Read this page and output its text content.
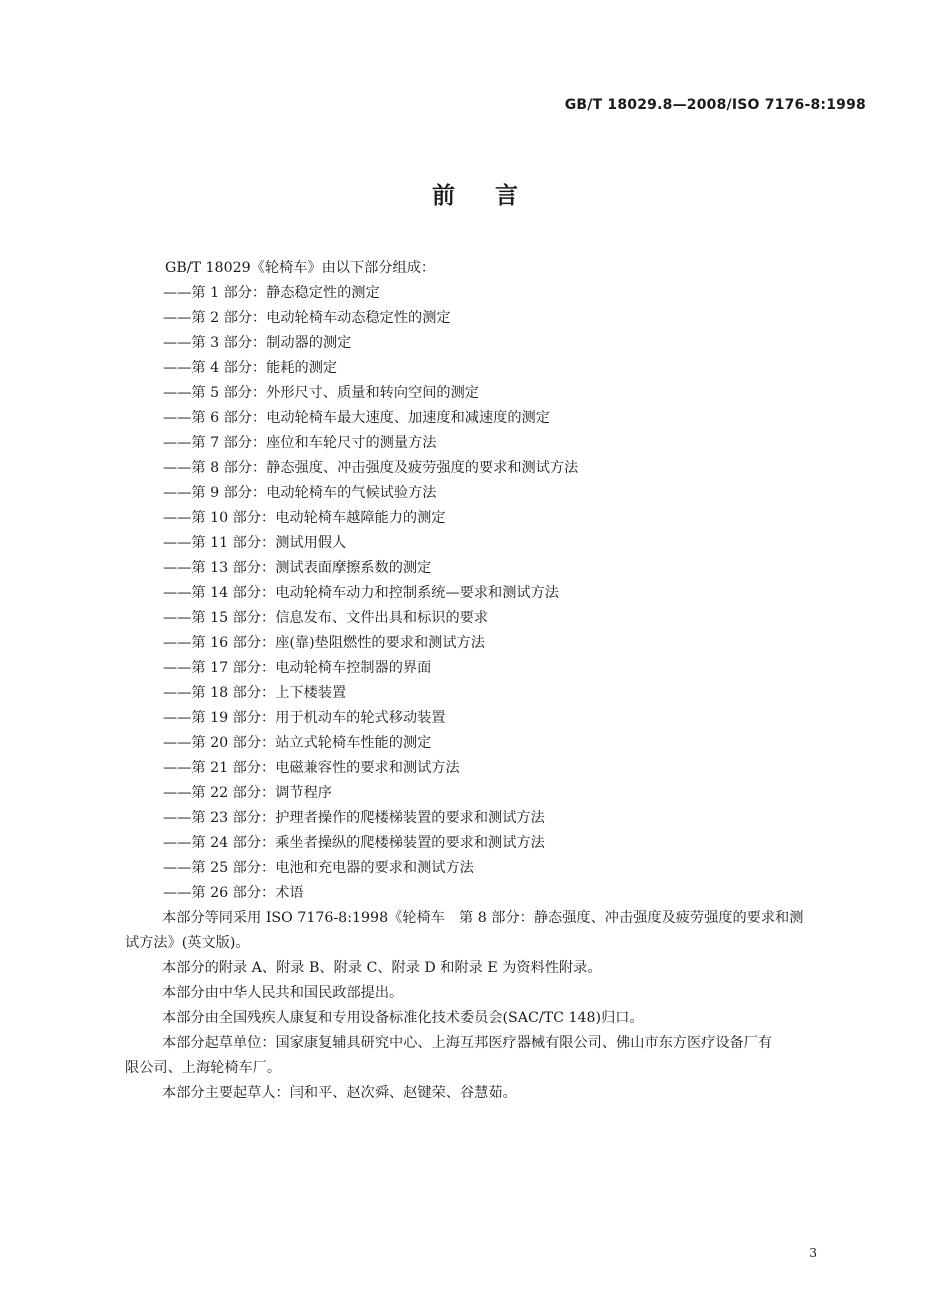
GB/T 18029.8—2008/ISO 7176-8:1998
前言
GB/T 18029《轮椅车》由以下部分组成：
——第 1 部分：静态稳定性的测定
——第 2 部分：电动轮椅车动态稳定性的测定
——第 3 部分：制动器的测定
——第 4 部分：能耗的测定
——第 5 部分：外形尺寸、质量和转向空间的测定
——第 6 部分：电动轮椅车最大速度、加速度和减速度的测定
——第 7 部分：座位和车轮尺寸的测量方法
——第 8 部分：静态强度、冲击强度及疲劳强度的要求和测试方法
——第 9 部分：电动轮椅车的气候试验方法
——第 10 部分：电动轮椅车越障能力的测定
——第 11 部分：测试用假人
——第 13 部分：测试表面摩擦系数的测定
——第 14 部分：电动轮椅车动力和控制系统—要求和测试方法
——第 15 部分：信息发布、文件出具和标识的要求
——第 16 部分：座(靠)垫阻燃性的要求和测试方法
——第 17 部分：电动轮椅车控制器的界面
——第 18 部分：上下楼装置
——第 19 部分：用于机动车的轮式移动装置
——第 20 部分：站立式轮椅车性能的测定
——第 21 部分：电磁兼容性的要求和测试方法
——第 22 部分：调节程序
——第 23 部分：护理者操作的爬楼梯装置的要求和测试方法
——第 24 部分：乘坐者操纵的爬楼梯装置的要求和测试方法
——第 25 部分：电池和充电器的要求和测试方法
——第 26 部分：术语
本部分等同采用 ISO 7176-8:1998《轮椅车　第 8 部分：静态强度、冲击强度及疲劳强度的要求和测
试方法》(英文版)。
本部分的附录 A、附录 B、附录 C、附录 D 和附录 E 为资料性附录。
本部分由中华人民共和国民政部提出。
本部分由全国残疾人康复和专用设备标准化技术委员会(SAC/TC 148)归口。
本部分起草单位：国家康复辅具研究中心、上海互邦医疗器械有限公司、佛山市东方医疗设备厂有
限公司、上海轮椅车厂。
本部分主要起草人：闫和平、赵次舜、赵键荣、谷慧茹。
3
